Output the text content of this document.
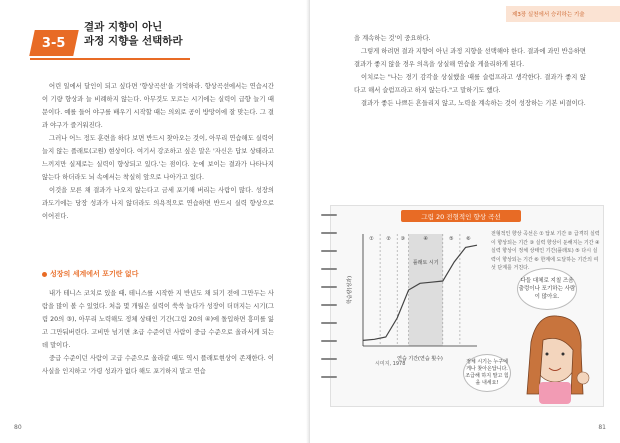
3-5
결과 지향이 아닌
과정 지향을 선택하라

어린 일에서 달인이 되고 싶다면 '향상곡선'을 기억하라. 향상곡선에서는 연습시간이 기량 향상과 늘 비례하지 않는다. 아무것도 모르는 시기에는 실력이 급향 늘기 때문이다. 예를 들어 야구를 배우기 시작할 때는 의외로 공이 방망이에 잘 맞는다. 그 결과 야구가 즐거워진다.

그러나 어느 정도 훈련을 하다 보면 반드시 찾아오는 것이, 아무리 연습해도 실력이 늘지 않는 플래토(고원) 현상이다. 여기서 강조하고 싶은 말은 '자신은 답보 상태라고 느끼지만 실제로는 실력이 향상되고 있다.'는 점이다. 눈에 보이는 결과가 나타나지 않는다 하더라도 뇌 속에서는 착실히 앞으로 나아가고 있다.

이것을 모른 채 결과가 나오지 않는다고 금세 포기해 버리는 사람이 많다. 성장의 과도기에는 당장 성과가 나지 않더라도 의욕적으로 연습하면 반드시 실력 향상으로 이어진다.

성장의 세계에서 포기란 없다

내가 테니스 코치로 있을 때, 테니스를 시작한 지 반년도 채 되기 전에 그만두는 사람을 많이 볼 수 있었다. 처음 몇 개월은 실력이 쑥쑥 늘다가 성장이 더뎌지는 시기(그림 20의 ③), 아무리 노력해도 정체 상태인 기간(그림 20의 ④)에 돌입하면 흥미를 잃고 그만둬버린다. 고비만 넘기면 초급 수준이던 사람이 중급 수준으로 올라서게 되는데 말이다.

중급 수준이던 사람이 고급 수준으로 올라갈 때도 역시 플래토현상이 존재한다. 이 사실을 인지하고 '가령 성과가 없다 해도 포기하지 말고 연습

80
제3장 실천에서 승리하는 기술

을 계속하는 것'이 중요하다.

그렇게 하려면 결과 지향이 아닌 과정 지향을 선택해야 한다. 결과에 과민 반응하면 결과가 좋지 않을 경우 의욕을 상실해 연습을 게을리하게 된다.

이치로는 "나는 경기 감각을 상실했을 때를 슬럼프라고 생각한다. 결과가 좋지 않다고 해서 슬럼프라고 하지 않는다."고 말하기도 했다.

결과가 좋든 나쁘든 흔들리지 않고, 노력을 계속하는 것이 성장하는 기본 비결이다.

그림 20 전형적인 향상 곡선
①	② ③	④	⑤	⑥
플래토 시기
연습 기간(연습 횟수)
학습량(성과)
시미지, 1978
전형적인 향상 곡선은 ① 답보 기간 ② 급격히 실력이 향상되는 기간 ③ 실력 향상이 둔해지는 기간 ④ 실력 향상이 정체 상태인 기간(플래토) ⑤ 다시 실력이 향상되는 기간 ⑥ 한계에 도달하는 기간의 여섯 단계를 거친다.
다들 대체로 지칠 즈음 출렁이나 포기하는 사람이 많아요.
정체 시기는 누구에게나 찾아온답니다. 조급해 하지 말고 힘을 내세요!
81
